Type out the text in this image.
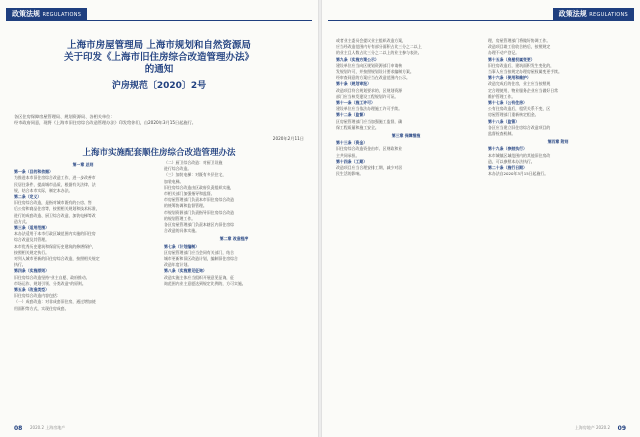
政策法规 REGULATIONS
上海市房屋管理局 上海市规划和自然资源局
关于印发《上海市旧住房综合改造管理办法》
的通知
沪房规范〔2020〕2号

各区住房保障房屋管理局、规划资源局、各相关单位：

经市政府同意，现将《上海市旧住房综合改造管理办法》印发给你们，自2020年3月15日起施行。

2020年2月11日
上海市实施配套顺住房综合改造管理办法

第一章 总则

第一条（目的和依据）

为推进本市旧住房综合改造工作，进一步改善市

民居住条件，提高城市品质，根据有关法律、法

规，结合本市实际，制定本办法。

第二条（定义）

旧住房综合改造，是指对城市既有的公房、售

后公房和商品住房等，按照相关规划和技术标准，

进行的成套改造、厨卫综合改造、加装电梯等改

造方式。

第三条（适用范围）

本办法适用于本市行政区域范围内实施的旧住房

综合改造及其管理。

本市优秀历史建筑和保留历史建筑的修缮保护，

按照相关规定执行。

对列入城市更新的旧住房综合改造，按照相关规定

执行。

第四条（实施原则）

旧住房综合改造坚持"业主自愿、政府推动、

市场运作、规划引领、分类改造"的原则。

第五条（改造类型）

旧住房综合改造内容包括：

（一）成套改造：对非成套旧住房，通过增加使

用面积等方式，实现住房成套。

（二）厨卫综合改造：对厨卫设施

进行综合改造。

（三）加装电梯：对既有多层住宅，

加装电梯。

旧住房综合改造由区政府负责组织实施，

市相关部门加强指导和监督。

市房屋管理部门负责本市旧住房综合改造

的统筹协调和监督管理。

市规划资源部门负责指导旧住房综合改造

的规划管理工作。

各区房屋管理部门负责本辖区内旧住房综

合改造的具体实施。

第二章 改造程序

第七条（计划编制）

区房屋管理部门应当会同有关部门，结合

城市更新和旧区改造计划，编制旧住房综合

改造年度计划。

第八条（实施意见征询）

改造实施主体应当组织开展意见征询，征

询范围内业主意愿达到规定比例的，方可实施。

08 2020.2 上海房地产
政策法规 REGULATIONS

或者业主委员会提议业主组织改造方案，

应当经改造范围内专有部分面积占比三分之二以上

的业主且人数占比三分之二以上的业主参与表决。

第九条（实施方案公示）

建设单位应当向区规划资源部门申请核

发规划许可，并按照规划设计要求编制方案。

经审查同意的方案应当在改造范围内公示。

第十条（规划审批）

改造项目符合规划要求的，区规划资源

部门应当核发建设工程规划许可证。

第十一条（施工许可）

建设单位应当依法办理施工许可手续。

第十二条（监督）

区房屋管理部门应当加强施工监督，确

保工程质量和施工安全。

第三章 保障措施

第十三条（资金）

旧住房综合改造资金由市、区财政和业

主共同承担。

第十四条（工期）

改造项目应当合理安排工期，减少对居

民生活的影响。

理，房屋管理部门将做好协调工作。

改造项目竣工验收合格后，按照规定

办理不动产登记。

第十五条（房屋权属变更）

旧住房改造后，建筑面积发生变化的，

当事人应当按规定办理房屋权属变更手续。

第十六条（使用和维护）

改造完成后的住房，业主应当按照规

定合理使用，物业服务企业应当做好日常

维护管理工作。

第十七条（公有住房）

公有住房改造后，租赁关系不变，区

房屋管理部门重新核定租金。

第十八条（监管）

各区应当建立旧住房综合改造项目的

监督检查机制。

第四章 附则

第十九条（参照执行）

本市城镇区域范围内的其他旧住房改

造，可以参照本办法执行。

第二十条（施行日期）

本办法自2020年3月15日起施行。

上海房地产 2020.2 09
